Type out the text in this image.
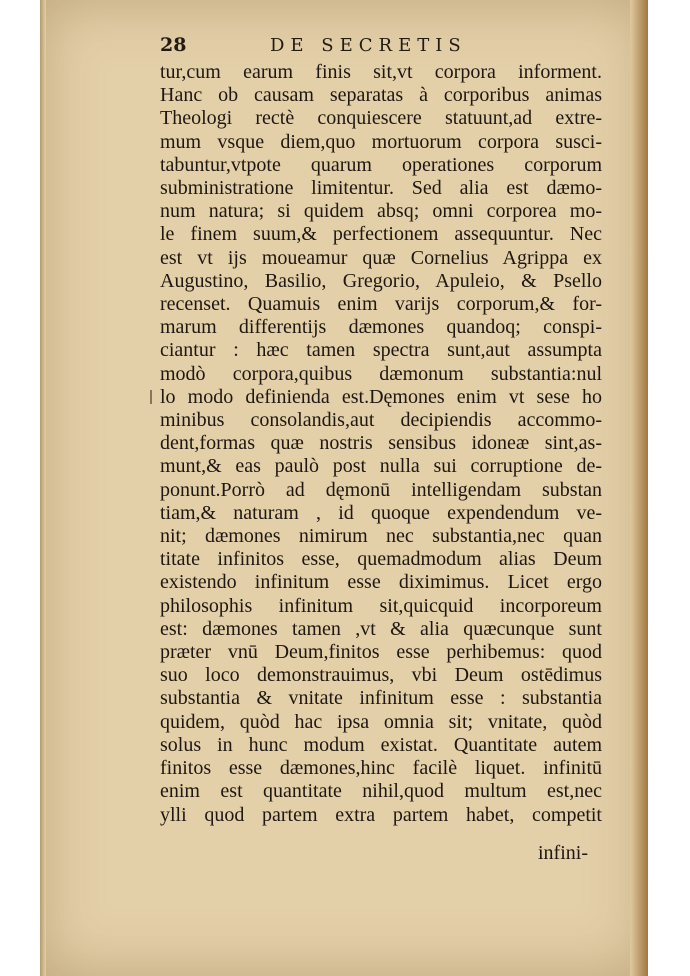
28	DE SECRETIS
tur,cum earum finis sit,vt corpora informent.
Hanc ob causam separatas à corporibus animas
Theologi rectè conquiescere statuunt,ad extre-
mum vsque diem,quo mortuorum corpora susci-
tabuntur,vtpote quarum operationes corporum
subministratione limitentur. Sed alia est dæmo-
num natura; si quidem absq; omni corporea mo-
le finem suum,& perfectionem assequuntur. Nec
est vt ijs moueamur quæ Cornelius Agrippa ex
Augustino, Basilio, Gregorio, Apuleio, & Psello
recenset. Quamuis enim varijs corporum,& for-
marum differentijs dæmones quandoq; conspi-
ciantur : hæc tamen spectra sunt,aut assumpta
modò corpora,quibus dæmonum substantia:nul
lo modo definienda est.Dęmones enim vt sese ho
minibus consolandis,aut decipiendis accommo-
dent,formas quæ nostris sensibus idoneæ sint,as-
munt,& eas paulò post nulla sui corruptione de-
ponunt.Porrò ad dęmonū intelligendam substan
tiam,& naturam , id quoque expendendum ve-
nit; dæmones nimirum nec substantia,nec quan
titate infinitos esse, quemadmodum alias Deum
existendo infinitum esse diximimus. Licet ergo
philosophis infinitum sit,quicquid incorporeum
est: dæmones tamen ,vt & alia quæcunque sunt
præter vnū Deum,finitos esse perhibemus: quod
suo loco demonstrauimus, vbi Deum ostēdimus
substantia & vnitate infinitum esse : substantia
quidem, quòd hac ipsa omnia sit; vnitate, quòd
solus in hunc modum existat. Quantitate autem
finitos esse dæmones,hinc facilè liquet. infinitū
enim est quantitate nihil,quod multum est,nec
ylli quod partem extra partem habet, competit
infini-
